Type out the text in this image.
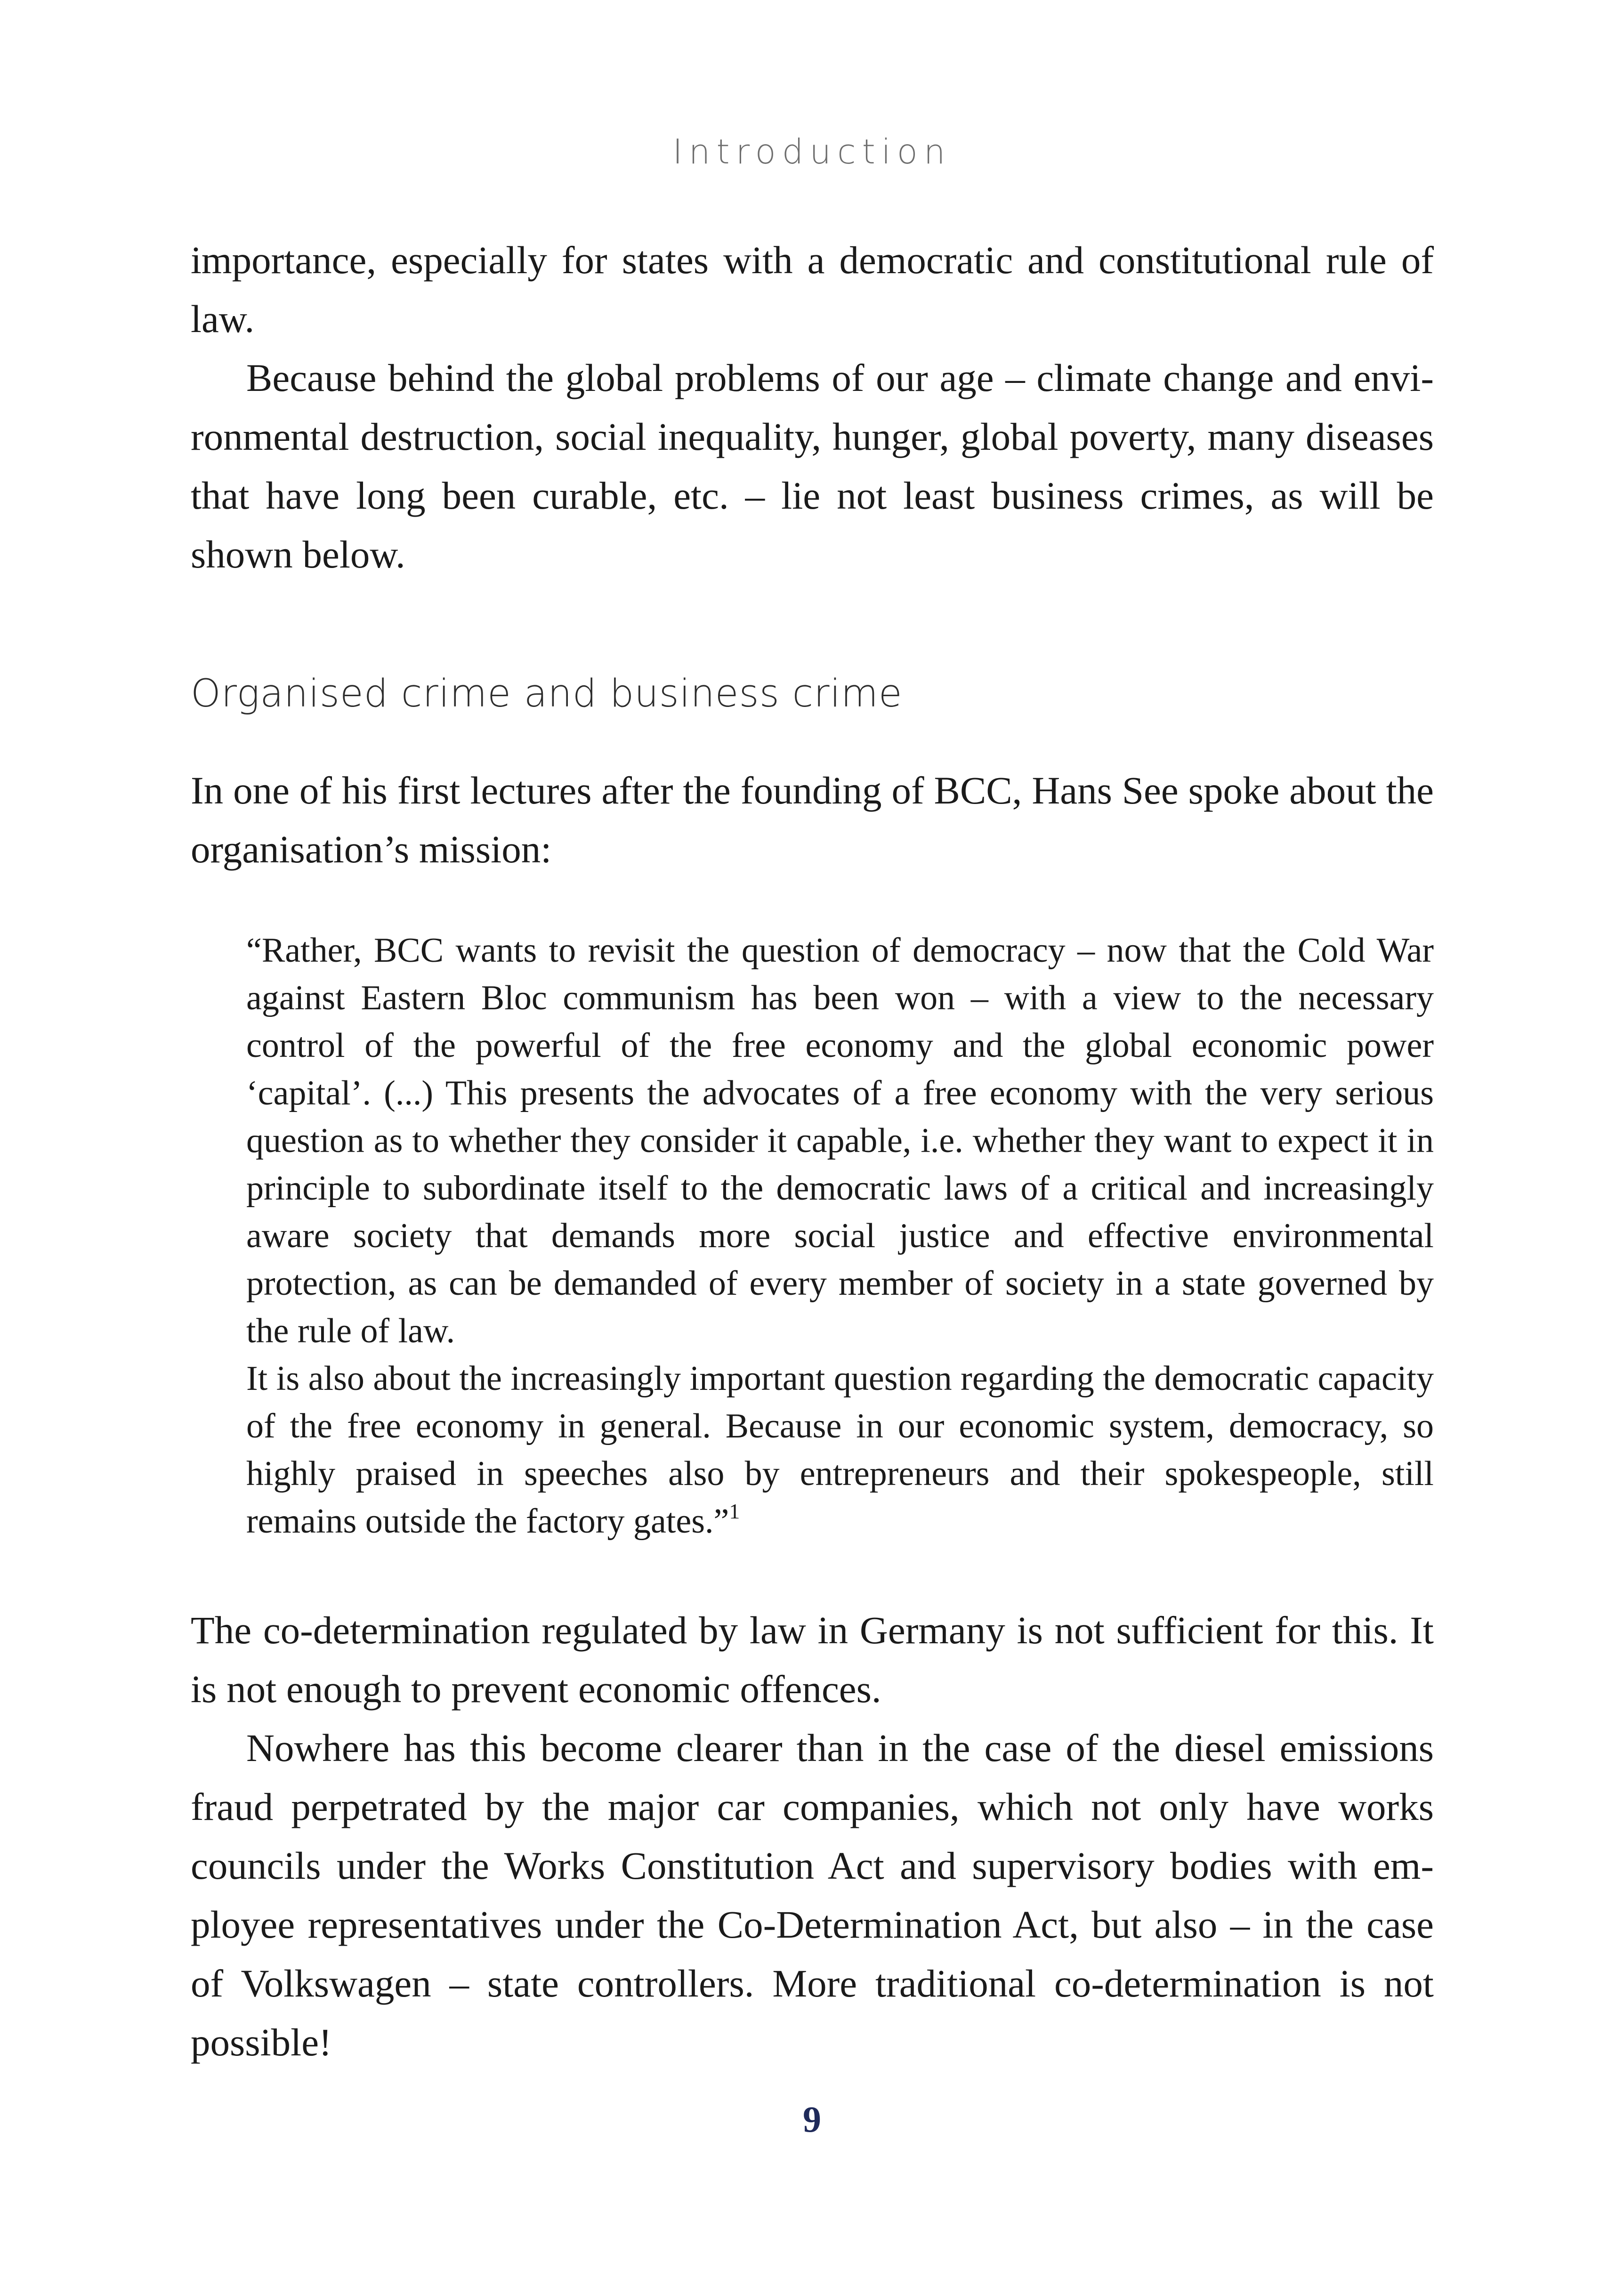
Introduction

importance, especially for states with a democratic and constitutional rule of law.

Because behind the global problems of our age – climate change and environmental destruction, social inequality, hunger, global poverty, many diseases that have long been curable, etc. – lie not least business crimes, as will be shown below.

Organised crime and business crime

In one of his first lectures after the founding of BCC, Hans See spoke about the organisation’s mission:

“Rather, BCC wants to revisit the question of democracy – now that the Cold War against Eastern Bloc communism has been won – with a view to the necessary control of the powerful of the free economy and the global economic power ‘capital’. (...) This presents the advocates of a free economy with the very serious question as to whether they consider it capable, i.e. whether they want to expect it in principle to subordinate itself to the democratic laws of a critical and increasingly aware society that demands more social justice and effective environmental protection, as can be demanded of every member of society in a state governed by the rule of law.

It is also about the increasingly important question regarding the democratic capacity of the free economy in general. Because in our economic system, democracy, so highly praised in speeches also by entrepreneurs and their spokespeople, still remains outside the factory gates.”$^1$

The co-determination regulated by law in Germany is not sufficient for this. It is not enough to prevent economic offences.

Nowhere has this become clearer than in the case of the diesel emissions fraud perpetrated by the major car companies, which not only have works councils under the Works Constitution Act and supervisory bodies with employee representatives under the Co-Determination Act, but also – in the case of Volkswagen – state controllers. More traditional co-determination is not possible!

9
